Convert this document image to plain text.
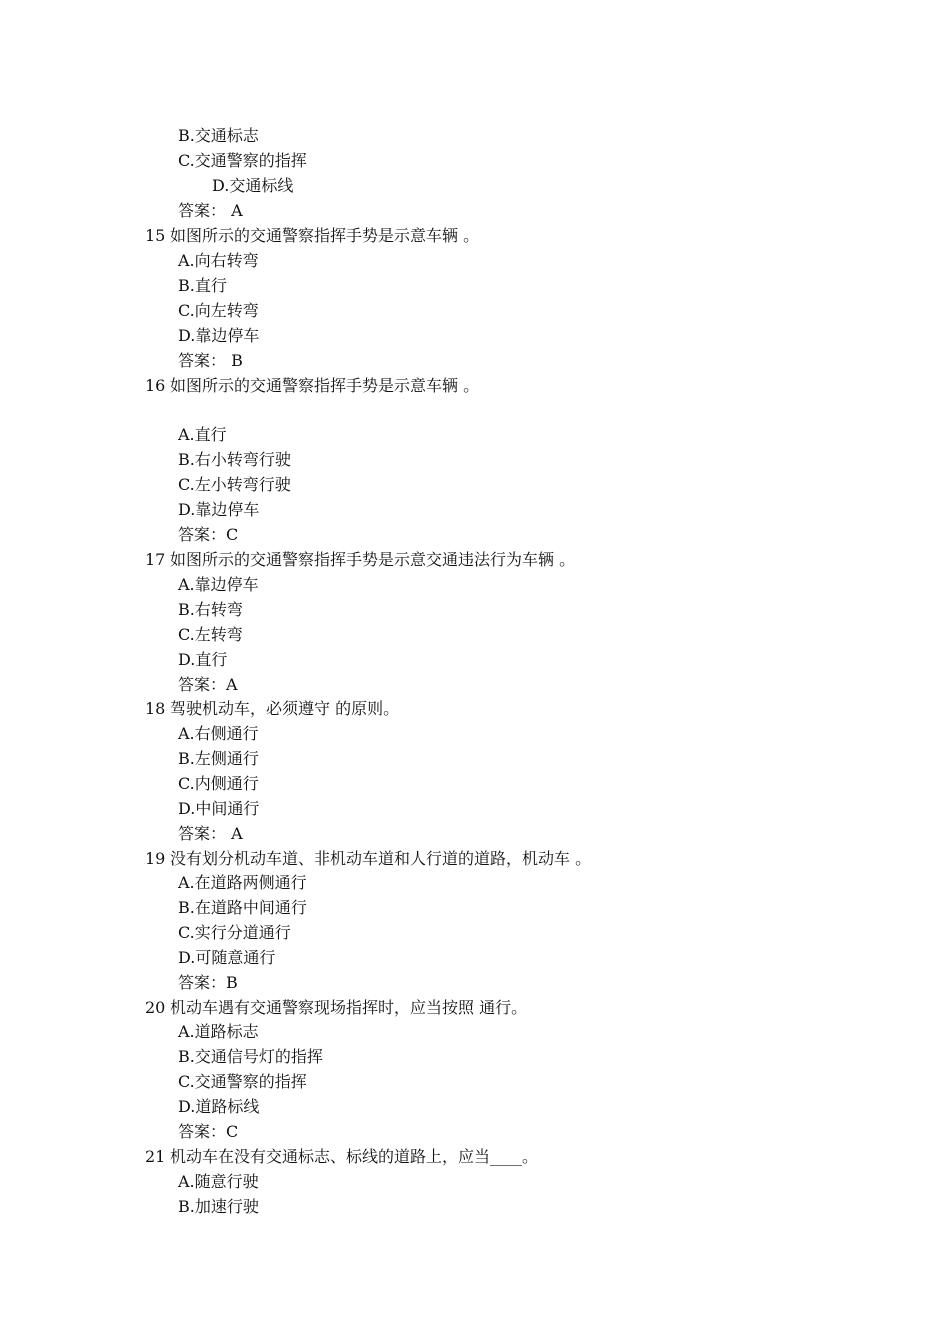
B.交通标志
C.交通警察的指挥
D.交通标线
答案： A
15 如图所示的交通警察指挥手势是示意车辆 。
A.向右转弯
B.直行
C.向左转弯
D.靠边停车
答案： B
16 如图所示的交通警察指挥手势是示意车辆 。
A.直行
B.右小转弯行驶
C.左小转弯行驶
D.靠边停车
答案：C
17 如图所示的交通警察指挥手势是示意交通违法行为车辆 。
A.靠边停车
B.右转弯
C.左转弯
D.直行
答案：A
18 驾驶机动车，必须遵守 的原则。
A.右侧通行
B.左侧通行
C.内侧通行
D.中间通行
答案： A
19 没有划分机动车道、非机动车道和人行道的道路，机动车 。
A.在道路两侧通行
B.在道路中间通行
C.实行分道通行
D.可随意通行
答案：B
20 机动车遇有交通警察现场指挥时，应当按照 通行。
A.道路标志
B.交通信号灯的指挥
C.交通警察的指挥
D.道路标线
答案：C
21 机动车在没有交通标志、标线的道路上，应当____。
A.随意行驶
B.加速行驶
